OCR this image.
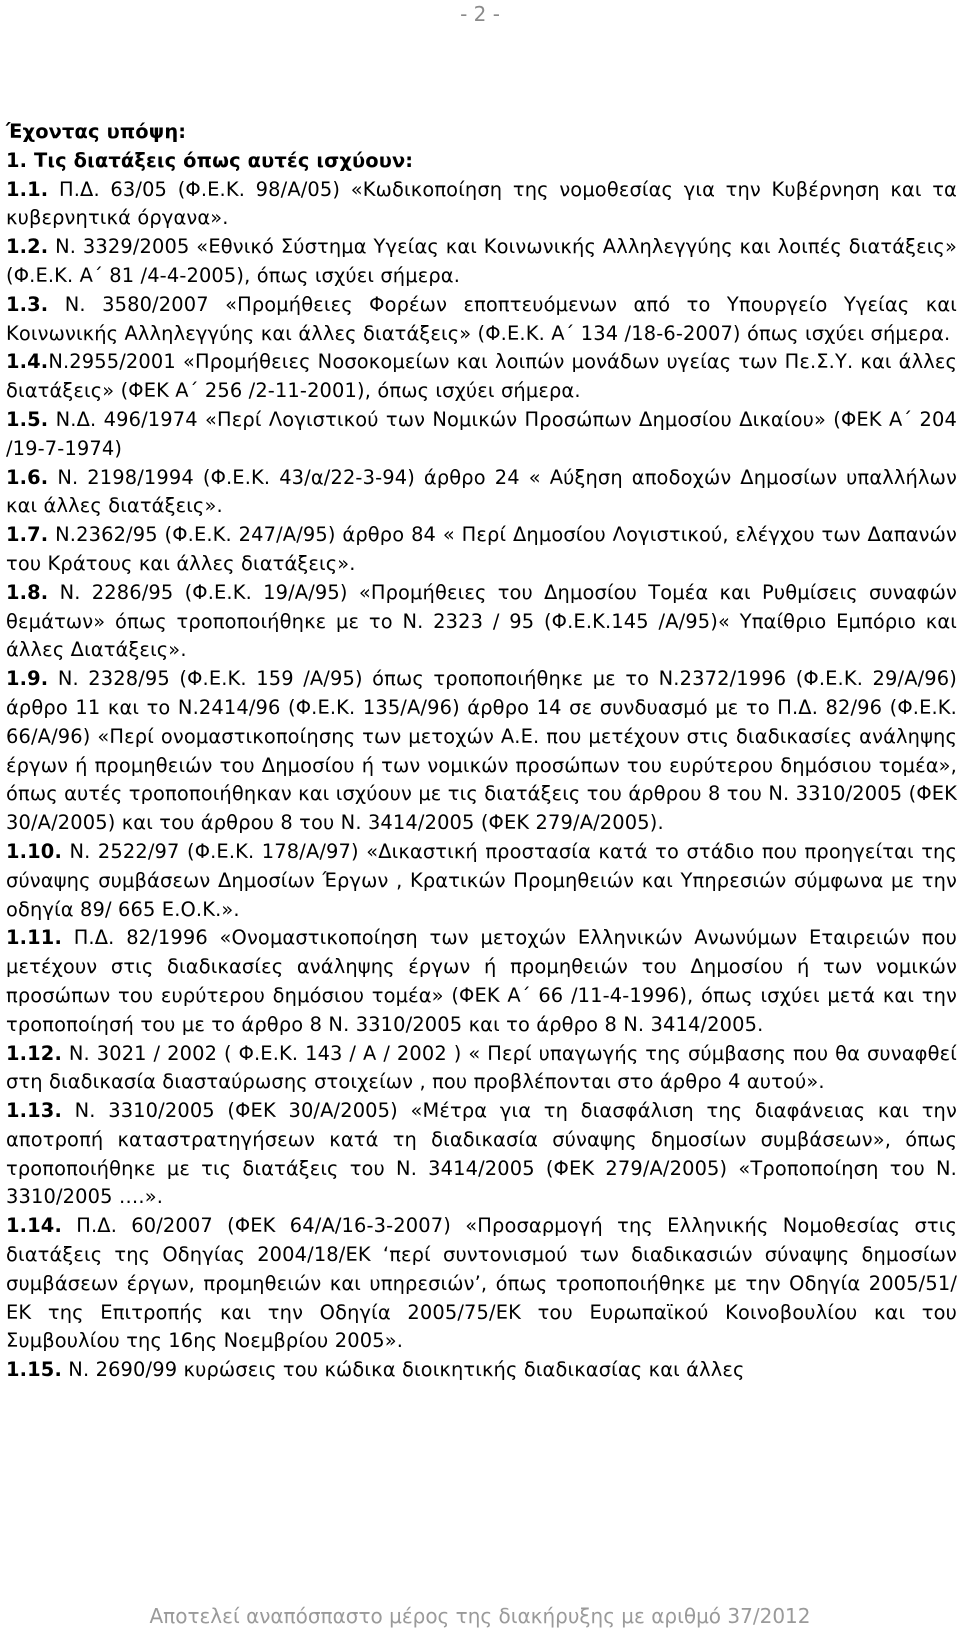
- 2 -
Έχοντας υπόψη:
1. Τις διατάξεις όπως αυτές ισχύουν:
1.1. Π.Δ. 63/05 (Φ.Ε.Κ. 98/Α/05) «Κωδικοποίηση της νομοθεσίας για την Κυβέρνηση και τα κυβερνητικά όργανα».
1.2. Ν. 3329/2005 «Εθνικό Σύστημα Υγείας και Κοινωνικής Αλληλεγγύης και λοιπές διατάξεις» (Φ.Ε.Κ. Α΄ 81 /4-4-2005), όπως ισχύει σήμερα.
1.3. Ν. 3580/2007 «Προμήθειες Φορέων εποπτευόμενων από το Υπουργείο Υγείας και Κοινωνικής Αλληλεγγύης και άλλες διατάξεις» (Φ.Ε.Κ. Α΄ 134 /18-6-2007) όπως ισχύει σήμερα.
1.4.Ν.2955/2001 «Προμήθειες Νοσοκομείων και λοιπών μονάδων υγείας των Πε.Σ.Υ. και άλλες διατάξεις» (ΦΕΚ Α΄ 256 /2-11-2001), όπως ισχύει σήμερα.
1.5. Ν.Δ. 496/1974 «Περί Λογιστικού των Νομικών Προσώπων Δημοσίου Δικαίου» (ΦΕΚ Α΄ 204 /19-7-1974)
1.6. Ν. 2198/1994 (Φ.Ε.Κ. 43/α/22-3-94) άρθρο 24 « Αύξηση αποδοχών Δημοσίων υπαλλήλων και άλλες διατάξεις».
1.7. Ν.2362/95 (Φ.Ε.Κ. 247/Α/95) άρθρο 84 « Περί Δημοσίου Λογιστικού, ελέγχου των Δαπανών του Κράτους και άλλες διατάξεις».
1.8. Ν. 2286/95 (Φ.Ε.Κ. 19/Α/95) «Προμήθειες του Δημοσίου Τομέα και Ρυθμίσεις συναφών θεμάτων» όπως τροποποιήθηκε με το Ν. 2323 / 95 (Φ.Ε.Κ.145 /Α/95)« Υπαίθριο Εμπόριο και άλλες Διατάξεις».
1.9. Ν. 2328/95 (Φ.Ε.Κ. 159 /Α/95) όπως τροποποιήθηκε με το Ν.2372/1996 (Φ.Ε.Κ. 29/Α/96) άρθρο 11 και το Ν.2414/96 (Φ.Ε.Κ. 135/Α/96) άρθρο 14 σε συνδυασμό με το Π.Δ. 82/96 (Φ.Ε.Κ. 66/Α/96) «Περί ονομαστικοποίησης των μετοχών Α.Ε. που μετέχουν στις διαδικασίες ανάληψης έργων ή προμηθειών του Δημοσίου ή των νομικών προσώπων του ευρύτερου δημόσιου τομέα», όπως αυτές τροποποιήθηκαν και ισχύουν με τις διατάξεις του άρθρου 8 του Ν. 3310/2005 (ΦΕΚ 30/Α/2005) και του άρθρου 8 του Ν. 3414/2005 (ΦΕΚ 279/Α/2005).
1.10. Ν. 2522/97 (Φ.Ε.Κ. 178/Α/97) «Δικαστική προστασία κατά το στάδιο που προηγείται της σύναψης συμβάσεων Δημοσίων Έργων , Κρατικών Προμηθειών και Υπηρεσιών σύμφωνα με την οδηγία 89/ 665 Ε.Ο.Κ.».
1.11. Π.Δ. 82/1996 «Ονομαστικοποίηση των μετοχών Ελληνικών Ανωνύμων Εταιρειών που μετέχουν στις διαδικασίες ανάληψης έργων ή προμηθειών του Δημοσίου ή των νομικών προσώπων του ευρύτερου δημόσιου τομέα» (ΦΕΚ Α΄ 66 /11-4-1996), όπως ισχύει μετά και την τροποποίησή του με το άρθρο 8 Ν. 3310/2005 και το άρθρο 8 Ν. 3414/2005.
1.12. Ν. 3021 / 2002 ( Φ.Ε.Κ. 143 / Α / 2002 ) « Περί υπαγωγής της σύμβασης που θα συναφθεί στη διαδικασία διασταύρωσης στοιχείων , που προβλέπονται στο άρθρο 4 αυτού».
1.13. Ν. 3310/2005 (ΦΕΚ 30/Α/2005) «Μέτρα για τη διασφάλιση της διαφάνειας και την αποτροπή καταστρατηγήσεων κατά τη διαδικασία σύναψης δημοσίων συμβάσεων», όπως τροποποιήθηκε με τις διατάξεις του Ν. 3414/2005 (ΦΕΚ 279/Α/2005) «Τροποποίηση του Ν. 3310/2005 ….».
1.14. Π.Δ. 60/2007 (ΦΕΚ 64/Α/16-3-2007) «Προσαρμογή της Ελληνικής Νομοθεσίας στις διατάξεις της Οδηγίας 2004/18/ΕΚ ‘περί συντονισμού των διαδικασιών σύναψης δημοσίων συμβάσεων έργων, προμηθειών και υπηρεσιών’, όπως τροποποιήθηκε με την Οδηγία 2005/51/ΕΚ της Επιτροπής και την Οδηγία 2005/75/ΕΚ του Ευρωπαϊκού Κοινοβουλίου και του Συμβουλίου της 16ης Νοεμβρίου 2005».
1.15. Ν. 2690/99 κυρώσεις του κώδικα διοικητικής διαδικασίας και άλλες
Αποτελεί αναπόσπαστο μέρος της διακήρυξης με αριθμό 37/2012
